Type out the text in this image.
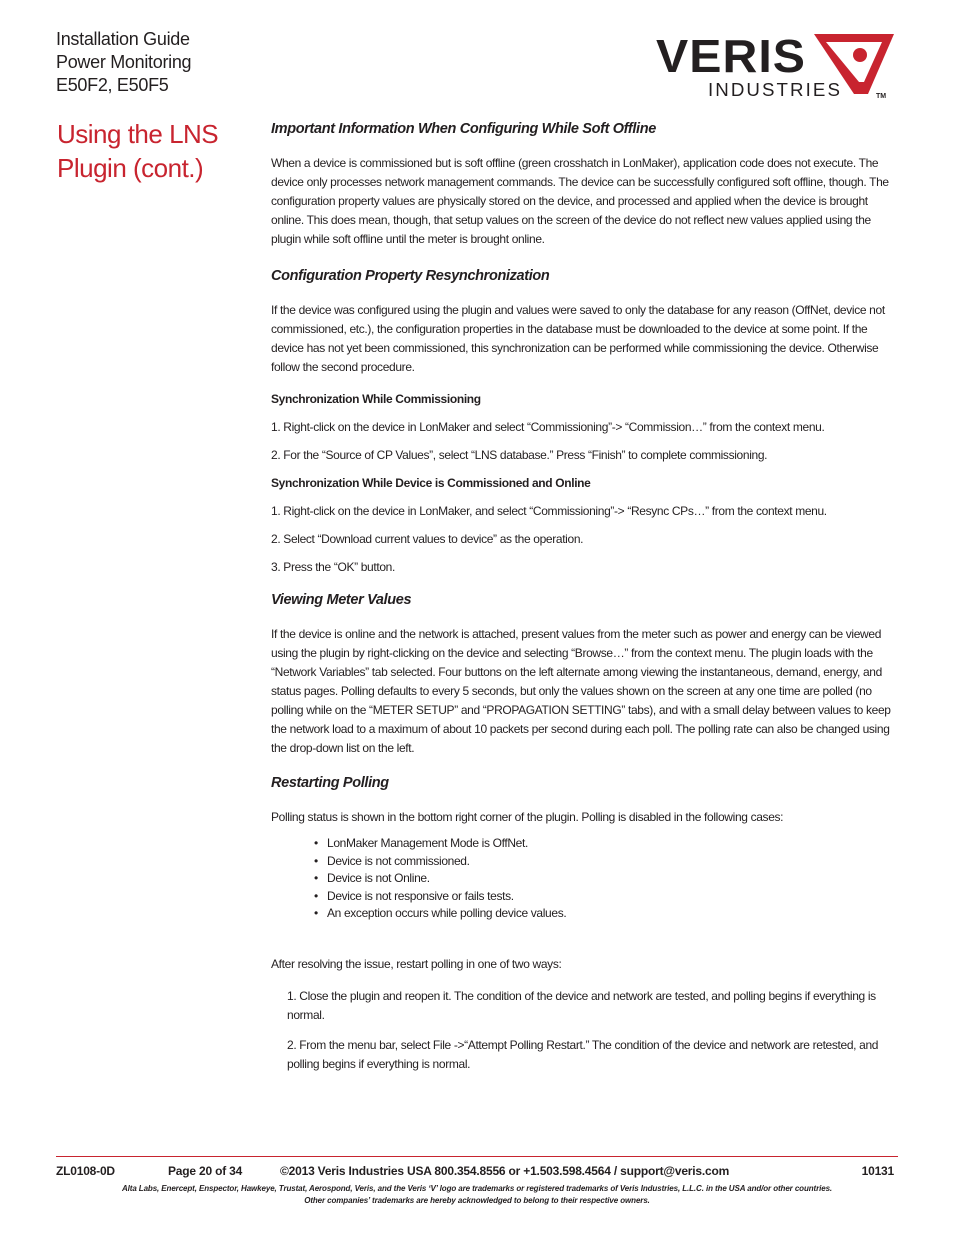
Installation Guide
Power Monitoring
E50F2, E50F5
VERIS
INDUSTRIES	TM
Using the LNS
Plugin (cont.)
Important Information When Configuring While Soft Offline

When a device is commissioned but is soft offline (green crosshatch in LonMaker), application code does not execute. The device only processes network management commands. The device can be successfully configured soft offline, though. The configuration property values are physically stored on the device, and processed and applied when the device is brought online. This does mean, though, that setup values on the screen of the device do not reflect new values applied using the plugin while soft offline until the meter is brought online.

Configuration Property Resynchronization

If the device was configured using the plugin and values were saved to only the database for any reason (OffNet, device not commissioned, etc.), the configuration properties in the database must be downloaded to the device at some point. If the device has not yet been commissioned, this synchronization can be performed while commissioning the device. Otherwise follow the second procedure.

Synchronization While Commissioning
1. Right-click on the device in LonMaker and select “Commissioning”-> “Commission…” from the context menu.
2. For the “Source of CP Values”, select “LNS database.” Press “Finish” to complete commissioning.
Synchronization While Device is Commissioned and Online
1. Right-click on the device in LonMaker, and select “Commissioning”-> “Resync CPs…” from the context menu.
2. Select “Download current values to device” as the operation.
3. Press the “OK” button.
Viewing Meter Values

If the device is online and the network is attached, present values from the meter such as power and energy can be viewed using the plugin by right-clicking on the device and selecting “Browse…” from the context menu. The plugin loads with the “Network Variables” tab selected. Four buttons on the left alternate among viewing the instantaneous, demand, energy, and status pages. Polling defaults to every 5 seconds, but only the values shown on the screen at any one time are polled (no polling while on the “METER SETUP” and “PROPAGATION SETTING” tabs), and with a small delay between values to keep the network load to a maximum of about 10 packets per second during each poll. The polling rate can also be changed using the drop-down list on the left.

Restarting Polling

Polling status is shown in the bottom right corner of the plugin. Polling is disabled in the following cases:

• LonMaker Management Mode is OffNet.
• Device is not commissioned.
• Device is not Online.
• Device is not responsive or fails tests.
• An exception occurs while polling device values.

After resolving the issue, restart polling in one of two ways:

1. Close the plugin and reopen it. The condition of the device and network are tested, and polling begins if everything is normal.
2. From the menu bar, select File ->“Attempt Polling Restart.” The condition of the device and network are retested, and polling begins if everything is normal.
ZL0108-0D	Page 20 of 34	©2013 Veris Industries USA 800.354.8556 or +1.503.598.4564 / support@veris.com	10131
Alta Labs, Enercept, Enspector, Hawkeye, Trustat, Aerospond, Veris, and the Veris ‘V’ logo are trademarks or registered trademarks of Veris Industries, L.L.C. in the USA and/or other countries.
Other companies’ trademarks are hereby acknowledged to belong to their respective owners.
